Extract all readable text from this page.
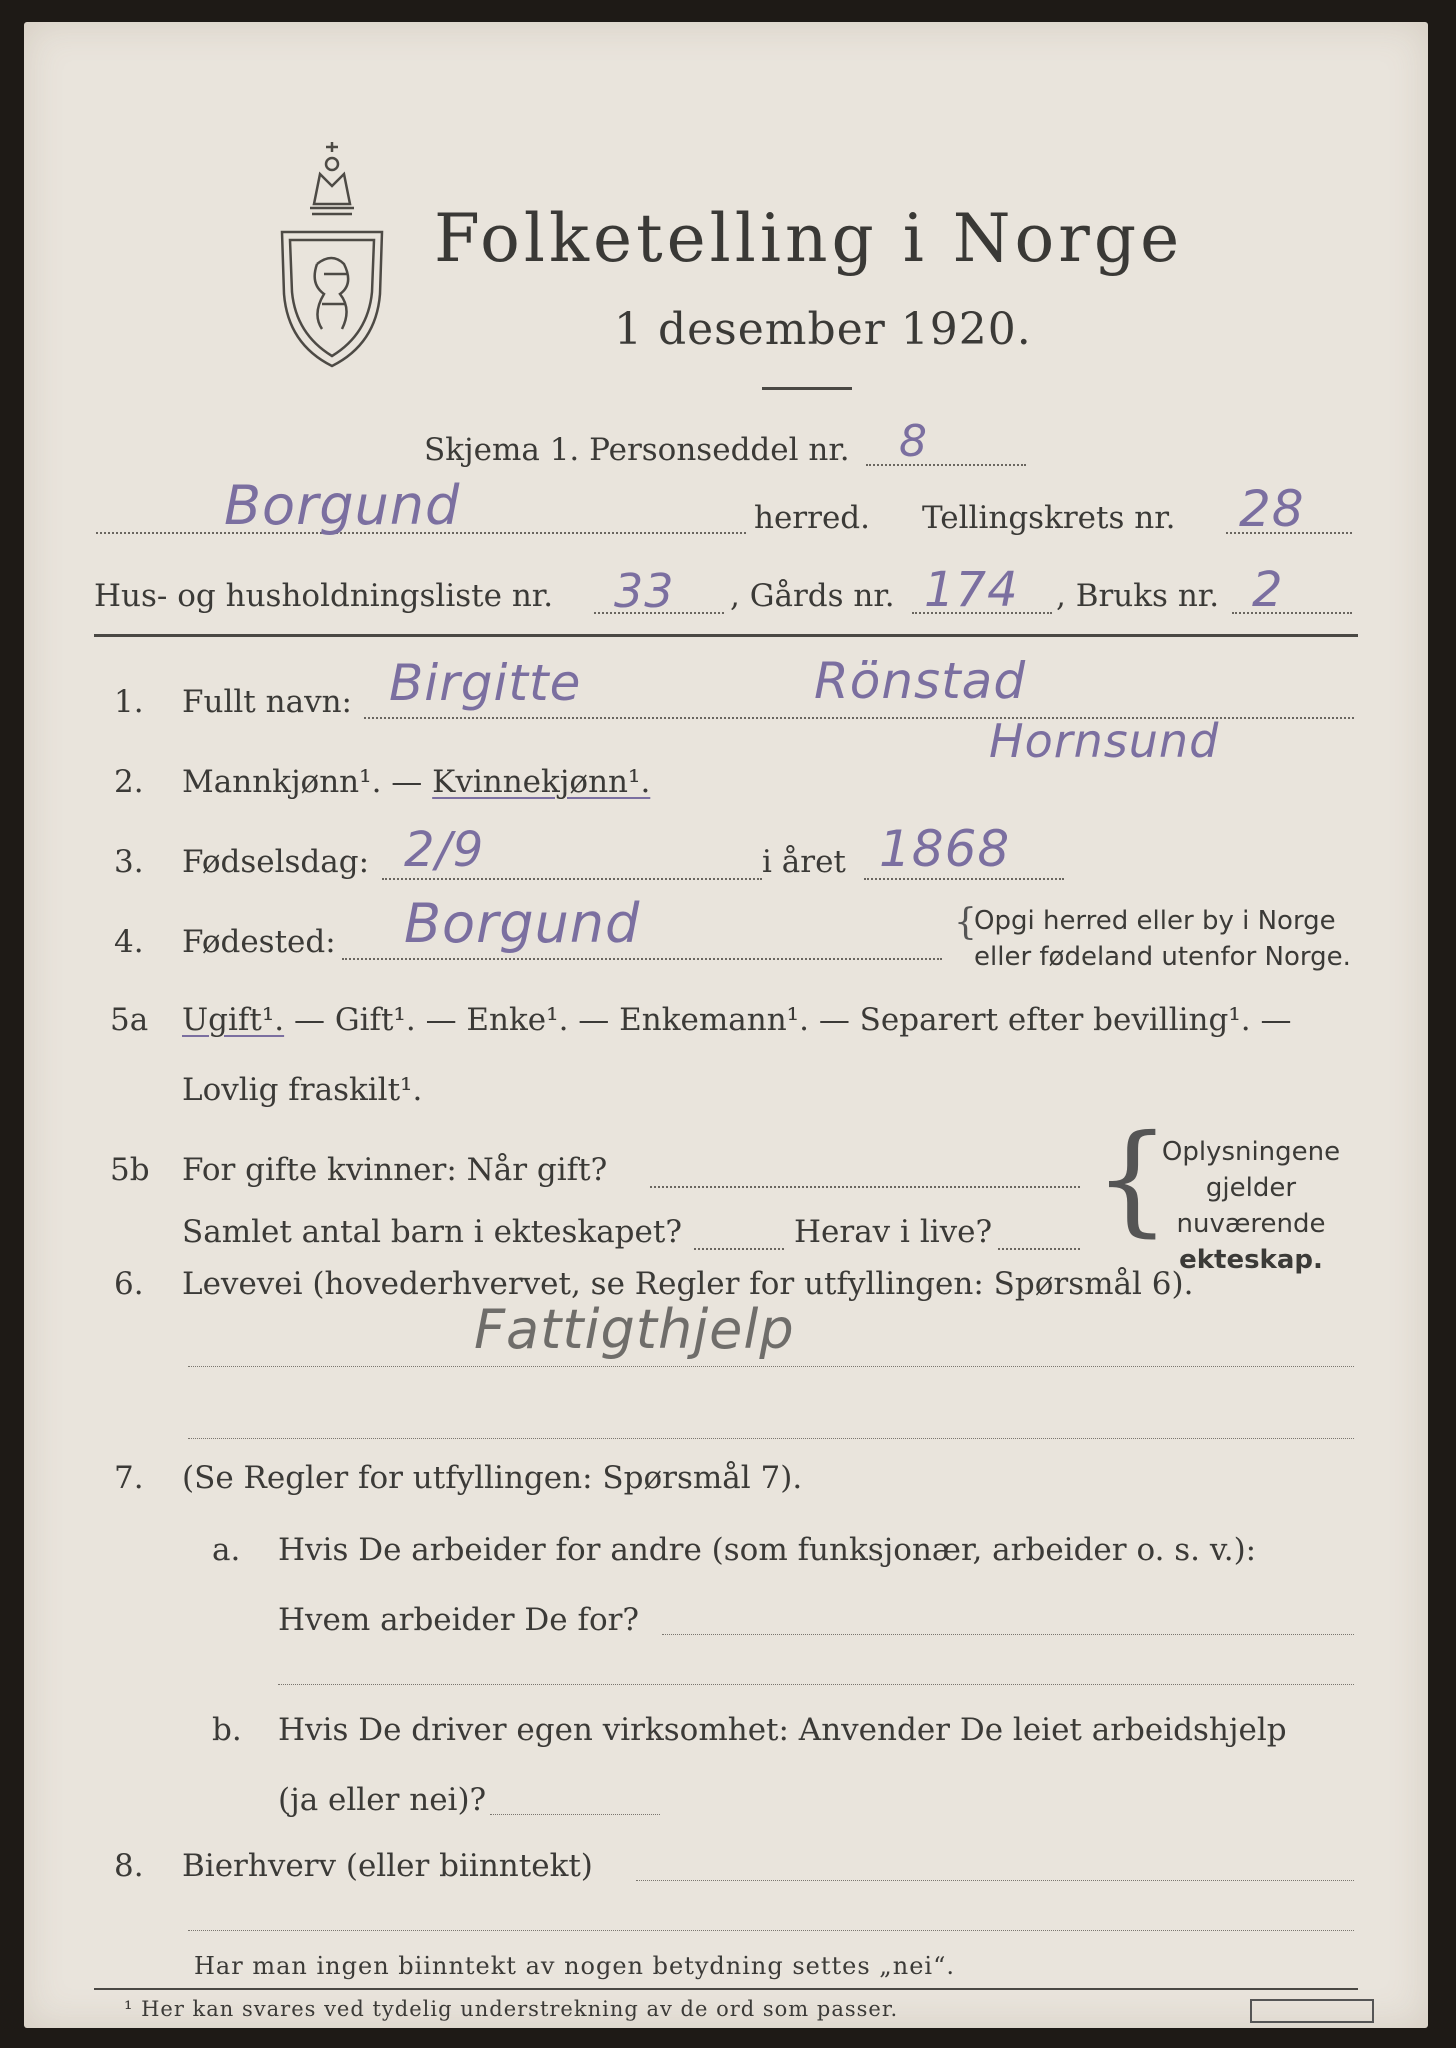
Folketelling i Norge
1 desember 1920.
Skjema 1. Personseddel nr. 8
Borgund	herred. Tellingskrets nr. 28
Hus- og husholdningsliste nr. 33 , Gårds nr. 174 , Bruks nr. 2
1. Fullt navn: Birgitte	Rönstad
Hornsund
2. Mannkjønn¹. — Kvinnekjønn¹.
3. Fødselsdag: 2/9	i året 1868
4. Fødested: Borgund	{
Opgi herred eller by i Norge
eller fødeland utenfor Norge.
5a Ugift¹. — Gift¹. — Enke¹. — Enkemann¹. — Separert efter bevilling¹. —
Lovlig fraskilt¹.
5b For gifte kvinner: Når gift?
Samlet antal barn i ekteskapet?	Herav i live? {
Oplysningene
gjelder nuværende
ekteskap.
6. Levevei (hovederhvervet, se Regler for utfyllingen: Spørsmål 6).
Fattigthjelp
7. (Se Regler for utfyllingen: Spørsmål 7).
a. Hvis De arbeider for andre (som funksjonær, arbeider o. s. v.):
Hvem arbeider De for?
b. Hvis De driver egen virksomhet: Anvender De leiet arbeidshjelp
(ja eller nei)?
8. Bierhverv (eller biinntekt)
Har man ingen biinntekt av nogen betydning settes „nei“.
¹ Her kan svares ved tydelig understrekning av de ord som passer.
